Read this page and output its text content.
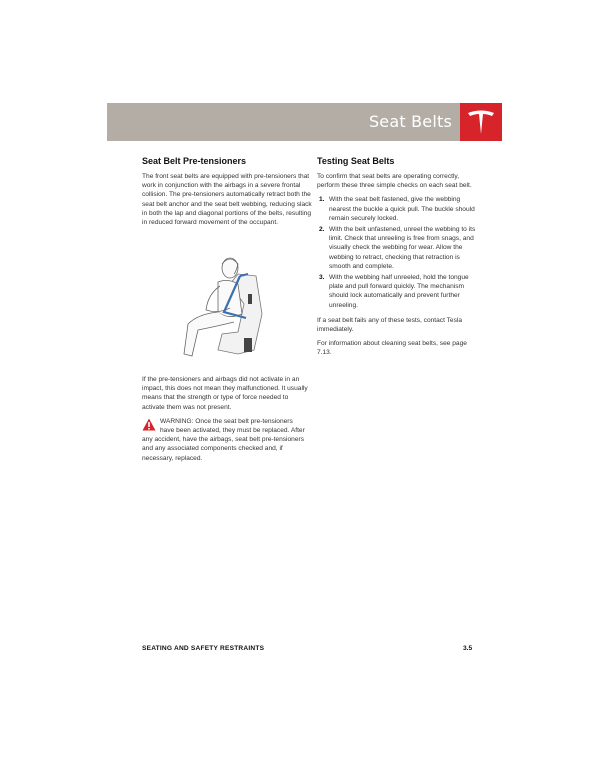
Seat Belts
Seat Belt Pre-tensioners

The front seat belts are equipped with pre-tensioners that work in conjunction with the airbags in a severe frontal collision. The pre-tensioners automatically retract both the seat belt anchor and the seat belt webbing, reducing slack in both the lap and diagonal portions of the belts, resulting in reduced forward movement of the occupant.

If the pre-tensioners and airbags did not activate in an impact, this does not mean they malfunctioned. It usually means that the strength or type of force needed to activate them was not present.

WARNING: Once the seat belt pre-tensioners have been activated, they must be replaced. After any accident, have the airbags, seat belt pre-tensioners and any associated components checked and, if necessary, replaced.

Testing Seat Belts

To confirm that seat belts are operating correctly, perform these three simple checks on each seat belt.

1. With the seat belt fastened, give the webbing nearest the buckle a quick pull. The buckle should remain securely locked.
2. With the belt unfastened, unreel the webbing to its limit. Check that unreeling is free from snags, and visually check the webbing for wear. Allow the webbing to retract, checking that retraction is smooth and complete.
3. With the webbing half unreeled, hold the tongue plate and pull forward quickly. The mechanism should lock automatically and prevent further unreeling.

If a seat belt fails any of these tests, contact Tesla immediately.

For information about cleaning seat belts, see page 7.13.

SEATING AND SAFETY RESTRAINTS	3.5
